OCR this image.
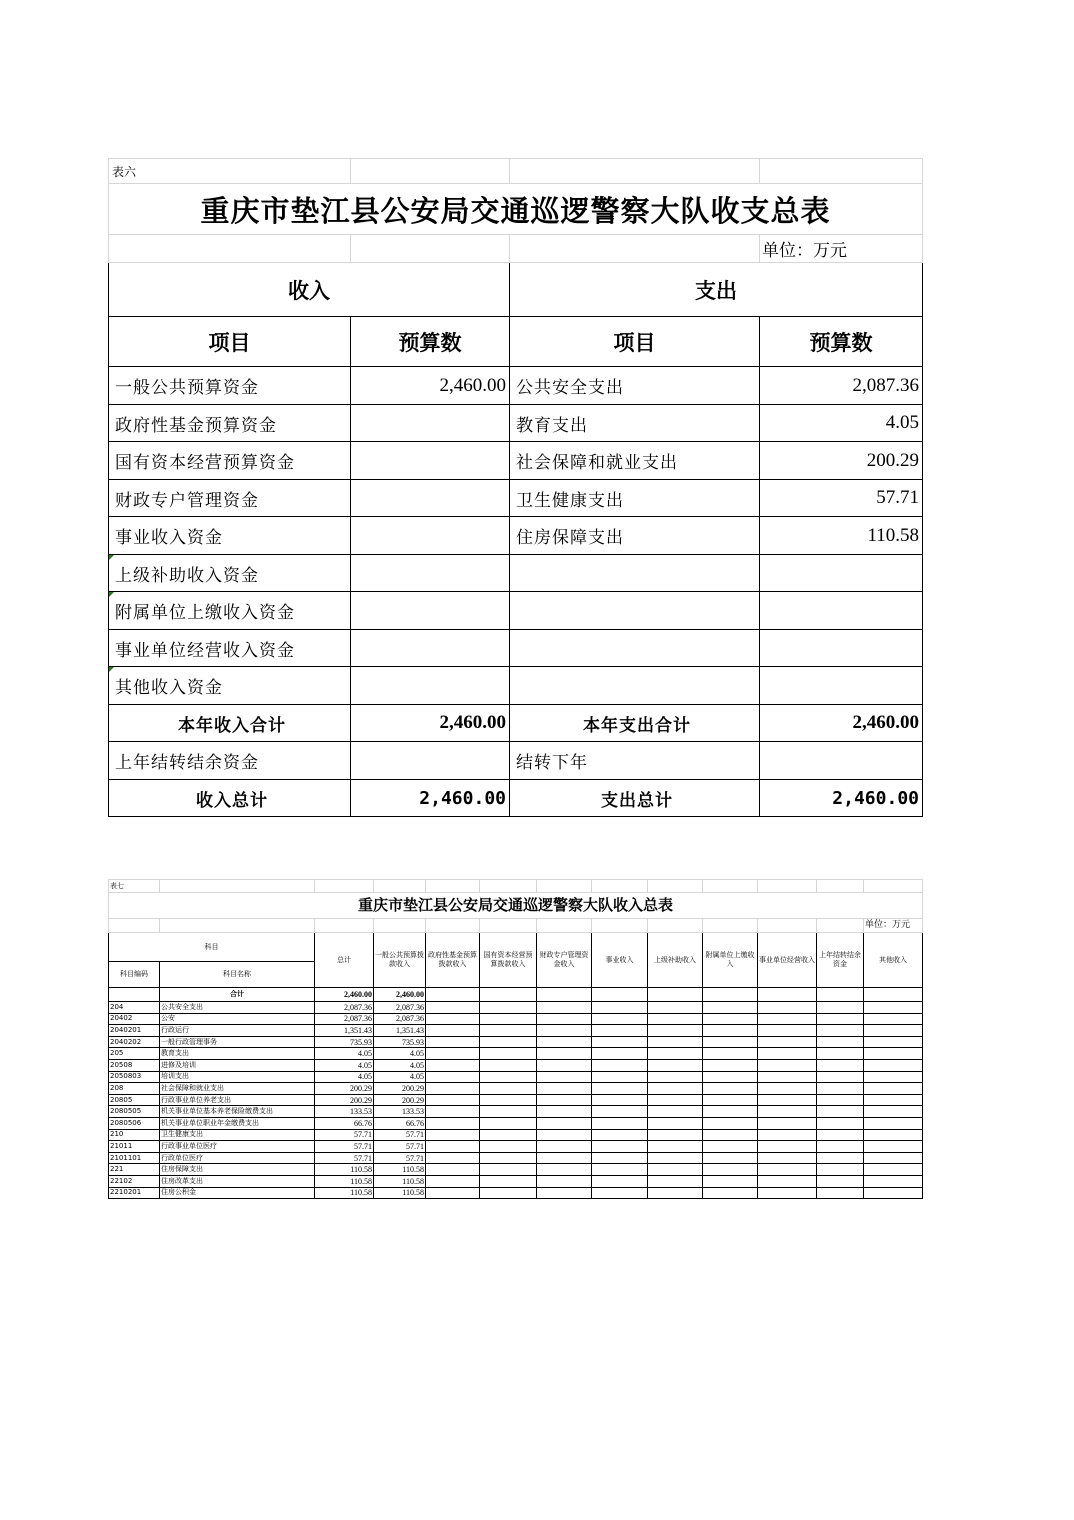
表六			
重庆市垫江县公安局交通巡逻警察大队收支总表			
			单位：万元
收入		支出	
项目	预算数	项目	预算数
一般公共预算资金	2,460.00	公共安全支出	2,087.36
政府性基金预算资金		教育支出	4.05
国有资本经营预算资金		社会保障和就业支出	200.29
财政专户管理资金		卫生健康支出	57.71
事业收入资金		住房保障支出	110.58
上级补助收入资金			
附属单位上缴收入资金			
事业单位经营收入资金			
其他收入资金			
本年收入合计	2,460.00	本年支出合计	2,460.00
上年结转结余资金		结转下年	
收入总计	2,460.00	支出总计	2,460.00
表七												
重庆市垫江县公安局交通巡逻警察大队收入总表												
												单位：万元
科目		总计	一般公共预算拨款收入	政府性基金预算拨款收入	国有资本经营预算拨款收入	财政专户管理资金收入	事业收入	上级补助收入	附属单位上缴收入	事业单位经营收入	上年结转结余资金	其他收入
科目编码	科目名称											
	合计	2,460.00	2,460.00									
204	公共安全支出	2,087.36	2,087.36									
20402	公安	2,087.36	2,087.36									
2040201	行政运行	1,351.43	1,351.43									
2040202	一般行政管理事务	735.93	735.93									
205	教育支出	4.05	4.05									
20508	进修及培训	4.05	4.05									
2050803	培训支出	4.05	4.05									
208	社会保障和就业支出	200.29	200.29									
20805	行政事业单位养老支出	200.29	200.29									
2080505	机关事业单位基本养老保险缴费支出	133.53	133.53									
2080506	机关事业单位职业年金缴费支出	66.76	66.76									
210	卫生健康支出	57.71	57.71									
21011	行政事业单位医疗	57.71	57.71									
2101101	行政单位医疗	57.71	57.71									
221	住房保障支出	110.58	110.58									
22102	住房改革支出	110.58	110.58									
2210201	住房公积金	110.58	110.58									
